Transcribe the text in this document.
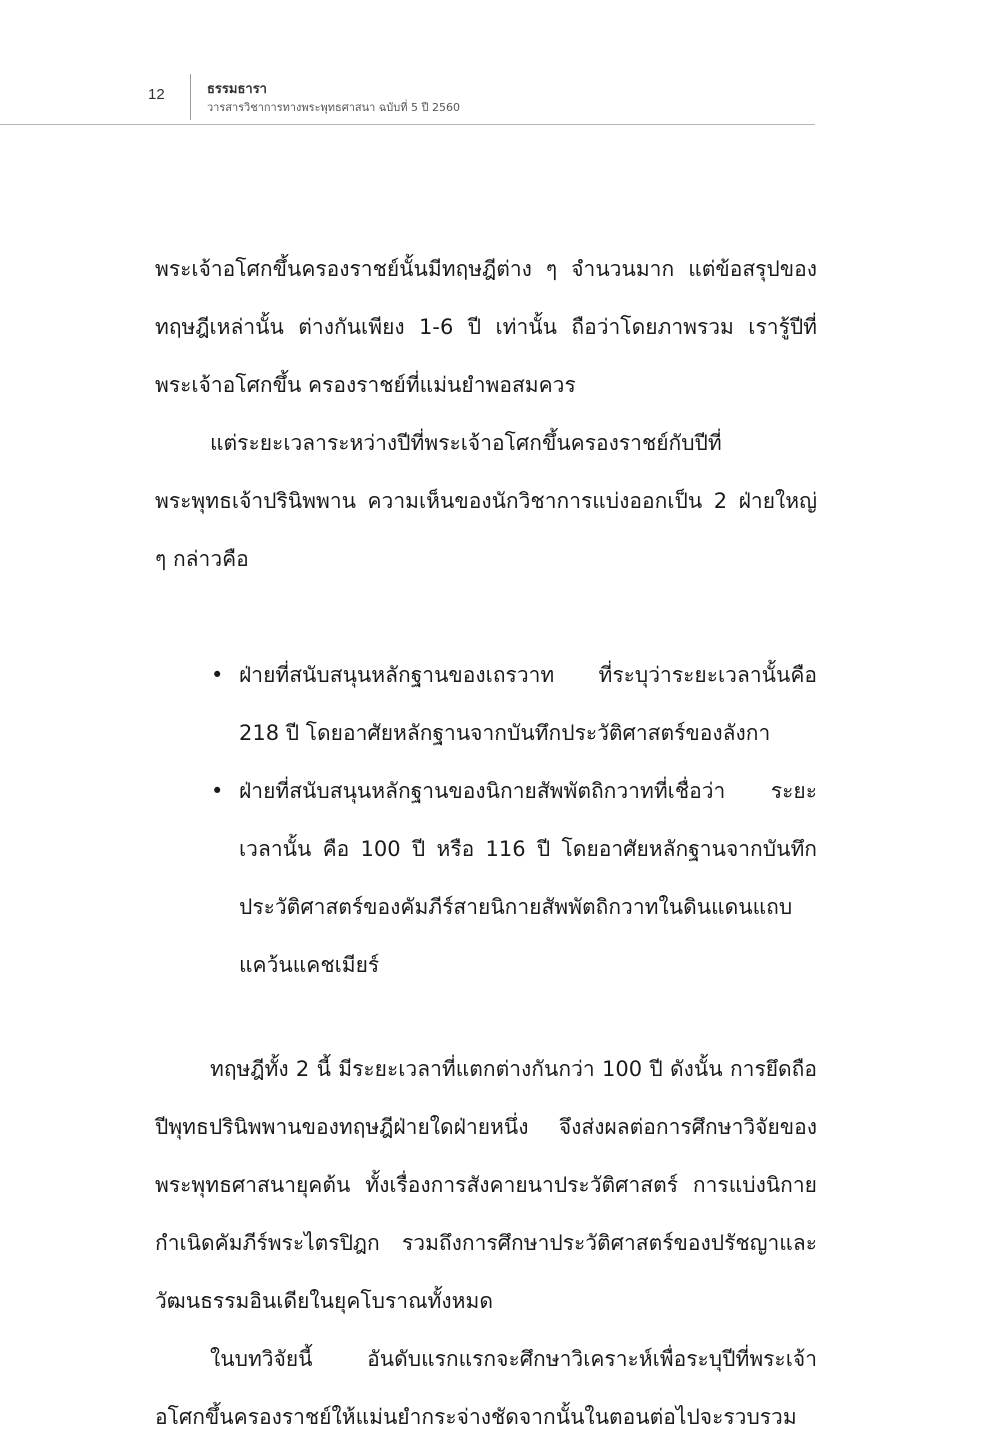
12	ธรรมธารา
วารสารวิชาการทางพระพุทธศาสนา ฉบับที่ 5 ปี 2560

พระเจ้าอโศกขึ้นครองราชย์นั้นมีทฤษฎีต่าง ๆ จำนวนมาก แต่ข้อสรุปของทฤษฎีเหล่านั้น ต่างกันเพียง 1-6 ปี เท่านั้น ถือว่าโดยภาพรวม เรารู้ปีที่พระเจ้าอโศกขึ้น ครองราชย์ที่แม่นยำพอสมควร

แต่ระยะเวลาระหว่างปีที่พระเจ้าอโศกขึ้นครองราชย์กับปีที่พระพุทธเจ้าปรินิพพาน ความเห็นของนักวิชาการแบ่งออกเป็น 2 ฝ่ายใหญ่ ๆ กล่าวคือ

• ฝ่ายที่สนับสนุนหลักฐานของเถรวาท ที่ระบุว่าระยะเวลานั้นคือ 218 ปี โดยอาศัยหลักฐานจากบันทึกประวัติศาสตร์ของลังกา
• ฝ่ายที่สนับสนุนหลักฐานของนิกายสัพพัตถิกวาทที่เชื่อว่า ระยะเวลานั้น คือ 100 ปี หรือ 116 ปี โดยอาศัยหลักฐานจากบันทึกประวัติศาสตร์ของคัมภีร์สายนิกายสัพพัตถิกวาทในดินแดนแถบแคว้นแคชเมียร์

ทฤษฎีทั้ง 2 นี้ มีระยะเวลาที่แตกต่างกันกว่า 100 ปี ดังนั้น การยึดถือปีพุทธปรินิพพานของทฤษฎีฝ่ายใดฝ่ายหนึ่ง จึงส่งผลต่อการศึกษาวิจัยของพระพุทธศาสนายุคต้น ทั้งเรื่องการสังคายนาประวัติศาสตร์ การแบ่งนิกาย กำเนิดคัมภีร์พระไตรปิฎก รวมถึงการศึกษาประวัติศาสตร์ของปรัชญาและวัฒนธรรมอินเดียในยุคโบราณทั้งหมด

ในบทวิจัยนี้ อันดับแรกแรกจะศึกษาวิเคราะห์เพื่อระบุปีที่พระเจ้าอโศกขึ้นครองราชย์ให้แม่นยำกระจ่างชัดจากนั้นในตอนต่อไปจะรวบรวม
